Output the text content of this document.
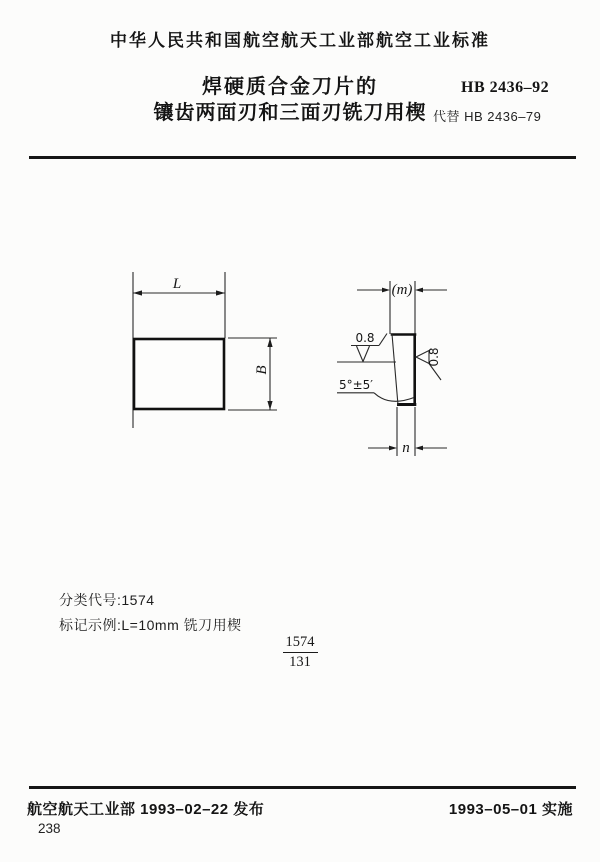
中华人民共和国航空航天工业部航空工业标准
焊硬质合金刀片的
镶齿两面刃和三面刃铣刀用楔
HB 2436–92
代替 HB 2436–79
L
B
(m)
0.8
0.8
5°±5′
n
分类代号:1574
标记示例:L=10mm 铣刀用楔
$\frac{1574}{131}$
航空航天工业部 1993–02–22 发布	1993–05–01 实施
238
